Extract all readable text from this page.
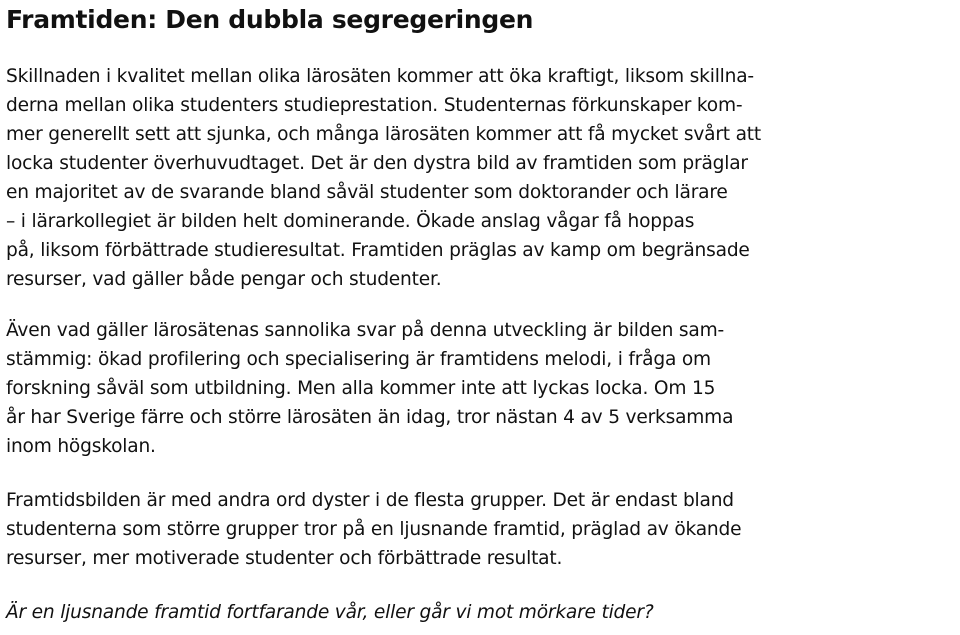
Framtiden: Den dubbla segregeringen

Skillnaden i kvalitet mellan olika lärosäten kommer att öka kraftigt, liksom skillna-
derna mellan olika studenters studieprestation. Studenternas förkunskaper kom-
mer generellt sett att sjunka, och många lärosäten kommer att få mycket svårt att
locka studenter överhuvudtaget. Det är den dystra bild av framtiden som präglar
en majoritet av de svarande bland såväl studenter som doktorander och lärare
– i lärarkollegiet är bilden helt dominerande. Ökade anslag vågar få hoppas
på, liksom förbättrade studieresultat. Framtiden präglas av kamp om begränsade
resurser, vad gäller både pengar och studenter.

Även vad gäller lärosätenas sannolika svar på denna utveckling är bilden sam-
stämmig: ökad profilering och specialisering är framtidens melodi, i fråga om
forskning såväl som utbildning. Men alla kommer inte att lyckas locka. Om 15
år har Sverige färre och större lärosäten än idag, tror nästan 4 av 5 verksamma
inom högskolan.

Framtidsbilden är med andra ord dyster i de flesta grupper. Det är endast bland
studenterna som större grupper tror på en ljusnande framtid, präglad av ökande
resurser, mer motiverade studenter och förbättrade resultat.

Är en ljusnande framtid fortfarande vår, eller går vi mot mörkare tider?
